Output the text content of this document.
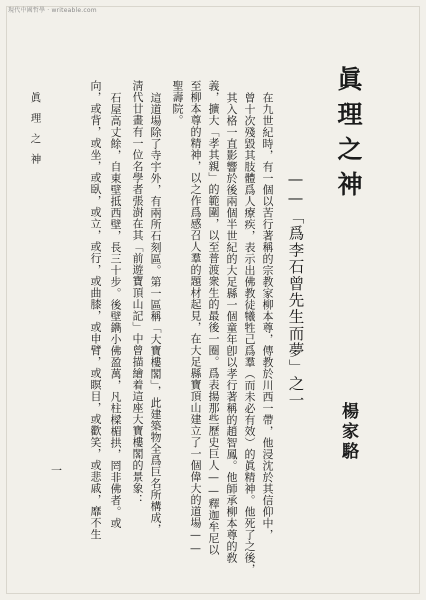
現代中國哲學 · writeable.com
眞理之神
——「爲李石曾先生而夢」之一
楊家駱
在九世紀時，有一個以苦行著稱的宗教家柳本尊，傳教於川西一帶，他浸沈於其信仰中，
曾十次殘毀其肢體爲人療疾，表示出佛教徒犧牲己爲羣（而未必有效）的眞精神。他死了之後，
其入格一直影響於後兩個半世紀的大足縣一個童年卽以孝行著稱的趙智鳳。他師承柳本尊的敎
義，擴大「孝其親」的範圍，以至普渡衆生的最後一圈。爲表揚那些歷史巨人——釋迦牟尼以
至柳本尊的精神，以之作爲感召人羣的題材起見，在大足縣寶頂山建立了一個偉大的道場——
聖壽院。
這道場除了寺宇外，有兩所石刻區。第一區稱「大寶樓閣」，此建築物全爲巨名所構成，
淸代廿畫有一位名學者張澍在其「前遊寶頂山記」中曾描繪着這座大寶樓閣的景象：
石屋高丈餘，自東壁抵西壁，長三十步。後壁鐫小佛盈萬，凡柱樑楣拱，罔非佛者。或
向，或背，或坐，或臥，或立，或行，或曲膝，或申臂，或瞑目，或歡笑，或悲戚，靡不生
眞理之神
一
